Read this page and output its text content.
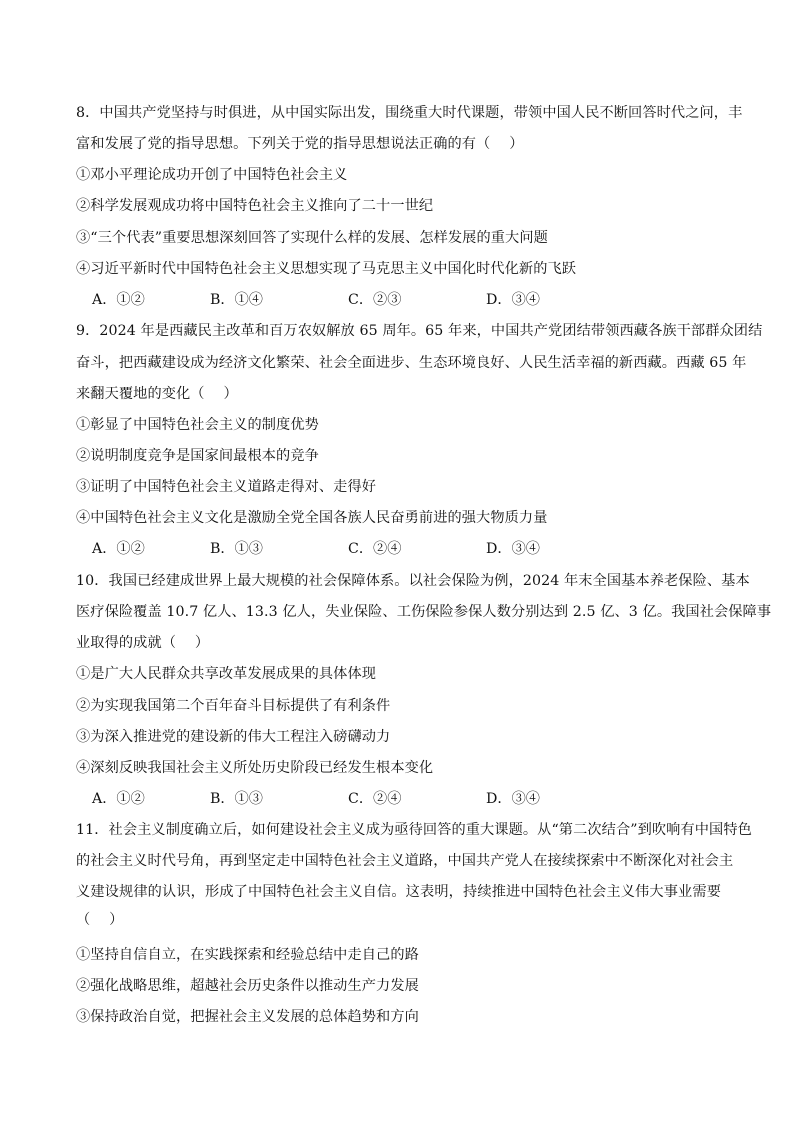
8．中国共产党坚持与时俱进，从中国实际出发，围绕重大时代课题，带领中国人民不断回答时代之问，丰
富和发展了党的指导思想。下列关于党的指导思想说法正确的有（　 ）
①邓小平理论成功开创了中国特色社会主义
②科学发展观成功将中国特色社会主义推向了二十一世纪
③“三个代表”重要思想深刻回答了实现什么样的发展、怎样发展的重大问题
④习近平新时代中国特色社会主义思想实现了马克思主义中国化时代化新的飞跃
A．①②	B．①④	C．②③	D．③④
9．2024 年是西藏民主改革和百万农奴解放 65 周年。65 年来，中国共产党团结带领西藏各族干部群众团结
奋斗，把西藏建设成为经济文化繁荣、社会全面进步、生态环境良好、人民生活幸福的新西藏。西藏 65 年
来翻天覆地的变化（　 ）
①彰显了中国特色社会主义的制度优势
②说明制度竞争是国家间最根本的竞争
③证明了中国特色社会主义道路走得对、走得好
④中国特色社会主义文化是激励全党全国各族人民奋勇前进的强大物质力量
A．①②	B．①③	C．②④	D．③④
10．我国已经建成世界上最大规模的社会保障体系。以社会保险为例，2024 年末全国基本养老保险、基本
医疗保险覆盖 10.7 亿人、13.3 亿人，失业保险、工伤保险参保人数分别达到 2.5 亿、3 亿。我国社会保障事
业取得的成就（　 ）
①是广大人民群众共享改革发展成果的具体体现
②为实现我国第二个百年奋斗目标提供了有利条件
③为深入推进党的建设新的伟大工程注入磅礴动力
④深刻反映我国社会主义所处历史阶段已经发生根本变化
A．①②	B．①③	C．②④	D．③④
11．社会主义制度确立后，如何建设社会主义成为亟待回答的重大课题。从“第二次结合”到吹响有中国特色
的社会主义时代号角，再到坚定走中国特色社会主义道路，中国共产党人在接续探索中不断深化对社会主
义建设规律的认识，形成了中国特色社会主义自信。这表明，持续推进中国特色社会主义伟大事业需要
（　 ）
①坚持自信自立，在实践探索和经验总结中走自己的路
②强化战略思维，超越社会历史条件以推动生产力发展
③保持政治自觉，把握社会主义发展的总体趋势和方向
